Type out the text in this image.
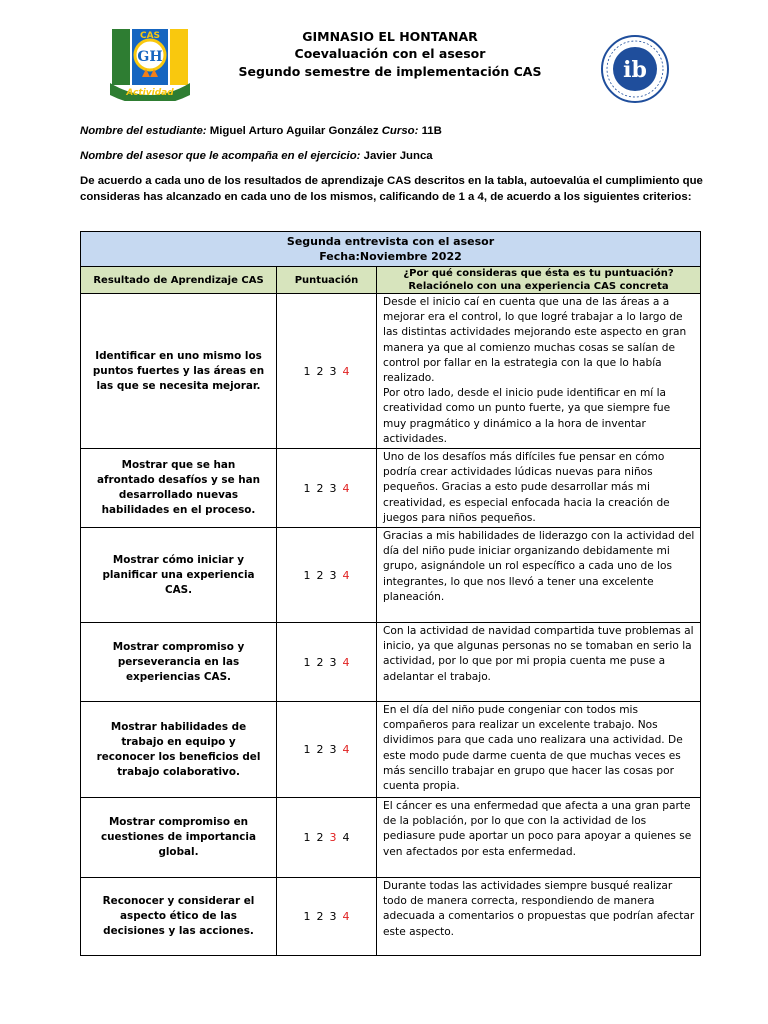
GH
CAS
Actividad
ib
GIMNASIO EL HONTANAR
Coevaluación con el asesor
Segundo semestre de implementación CAS
Nombre del estudiante: Miguel Arturo Aguilar González Curso: 11B
Nombre del asesor que le acompaña en el ejercicio: Javier Junca
De acuerdo a cada uno de los resultados de aprendizaje CAS descritos en la tabla, autoevalúa el cumplimiento que consideras has alcanzado en cada uno de los mismos, calificando de 1 a 4, de acuerdo a los siguientes criterios:
Segunda entrevista con el asesor
Fecha:Noviembre 2022		

Resultado de Aprendizaje CAS	Puntuación	¿Por qué consideras que ésta es tu puntuación?
Relaciónelo con una experiencia CAS concreta

Identificar en uno mismo los puntos fuertes y las áreas en las que se necesita mejorar.	1 2 3 4	Desde el inicio caí en cuenta que una de las áreas a a mejorar era el control, lo que logré trabajar a lo largo de las distintas actividades mejorando este aspecto en gran manera ya que al comienzo muchas cosas se salían de control por fallar en la estrategia con la que lo había realizado.
Por otro lado, desde el inicio pude identificar en mí la creatividad como un punto fuerte, ya que siempre fue muy pragmático y dinámico a la hora de inventar actividades.

Mostrar que se han afrontado desafíos y se han desarrollado nuevas habilidades en el proceso.	1 2 3 4	Uno de los desafíos más difíciles fue pensar en cómo podría crear actividades lúdicas nuevas para niños pequeños. Gracias a esto pude desarrollar más mi creatividad, es especial enfocada hacia la creación de juegos para niños pequeños.
Mostrar cómo iniciar y planificar una experiencia CAS.	1 2 3 4	Gracias a mis habilidades de liderazgo con la actividad del día del niño pude iniciar organizando debidamente mi grupo, asignándole un rol específico a cada uno de los integrantes, lo que nos llevó a tener una excelente planeación.
Mostrar compromiso y perseverancia en las experiencias CAS.	1 2 3 4	Con la actividad de navidad compartida tuve problemas al inicio, ya que algunas personas no se tomaban en serio la actividad, por lo que por mi propia cuenta me puse a adelantar el trabajo.
Mostrar habilidades de trabajo en equipo y reconocer los beneficios del trabajo colaborativo.	1 2 3 4	En el día del niño pude congeniar con todos mis compañeros para realizar un excelente trabajo. Nos dividimos para que cada uno realizara una actividad. De este modo pude darme cuenta de que muchas veces es más sencillo trabajar en grupo que hacer las cosas por cuenta propia.
Mostrar compromiso en cuestiones de importancia global.	1 2 3 4	El cáncer es una enfermedad que afecta a una gran parte de la población, por lo que con la actividad de los pediasure pude aportar un poco para apoyar a quienes se ven afectados por esta enfermedad.
Reconocer y considerar el aspecto ético de las decisiones y las acciones.	1 2 3 4	Durante todas las actividades siempre busqué realizar todo de manera correcta, respondiendo de manera adecuada a comentarios o propuestas que podrían afectar este aspecto.
